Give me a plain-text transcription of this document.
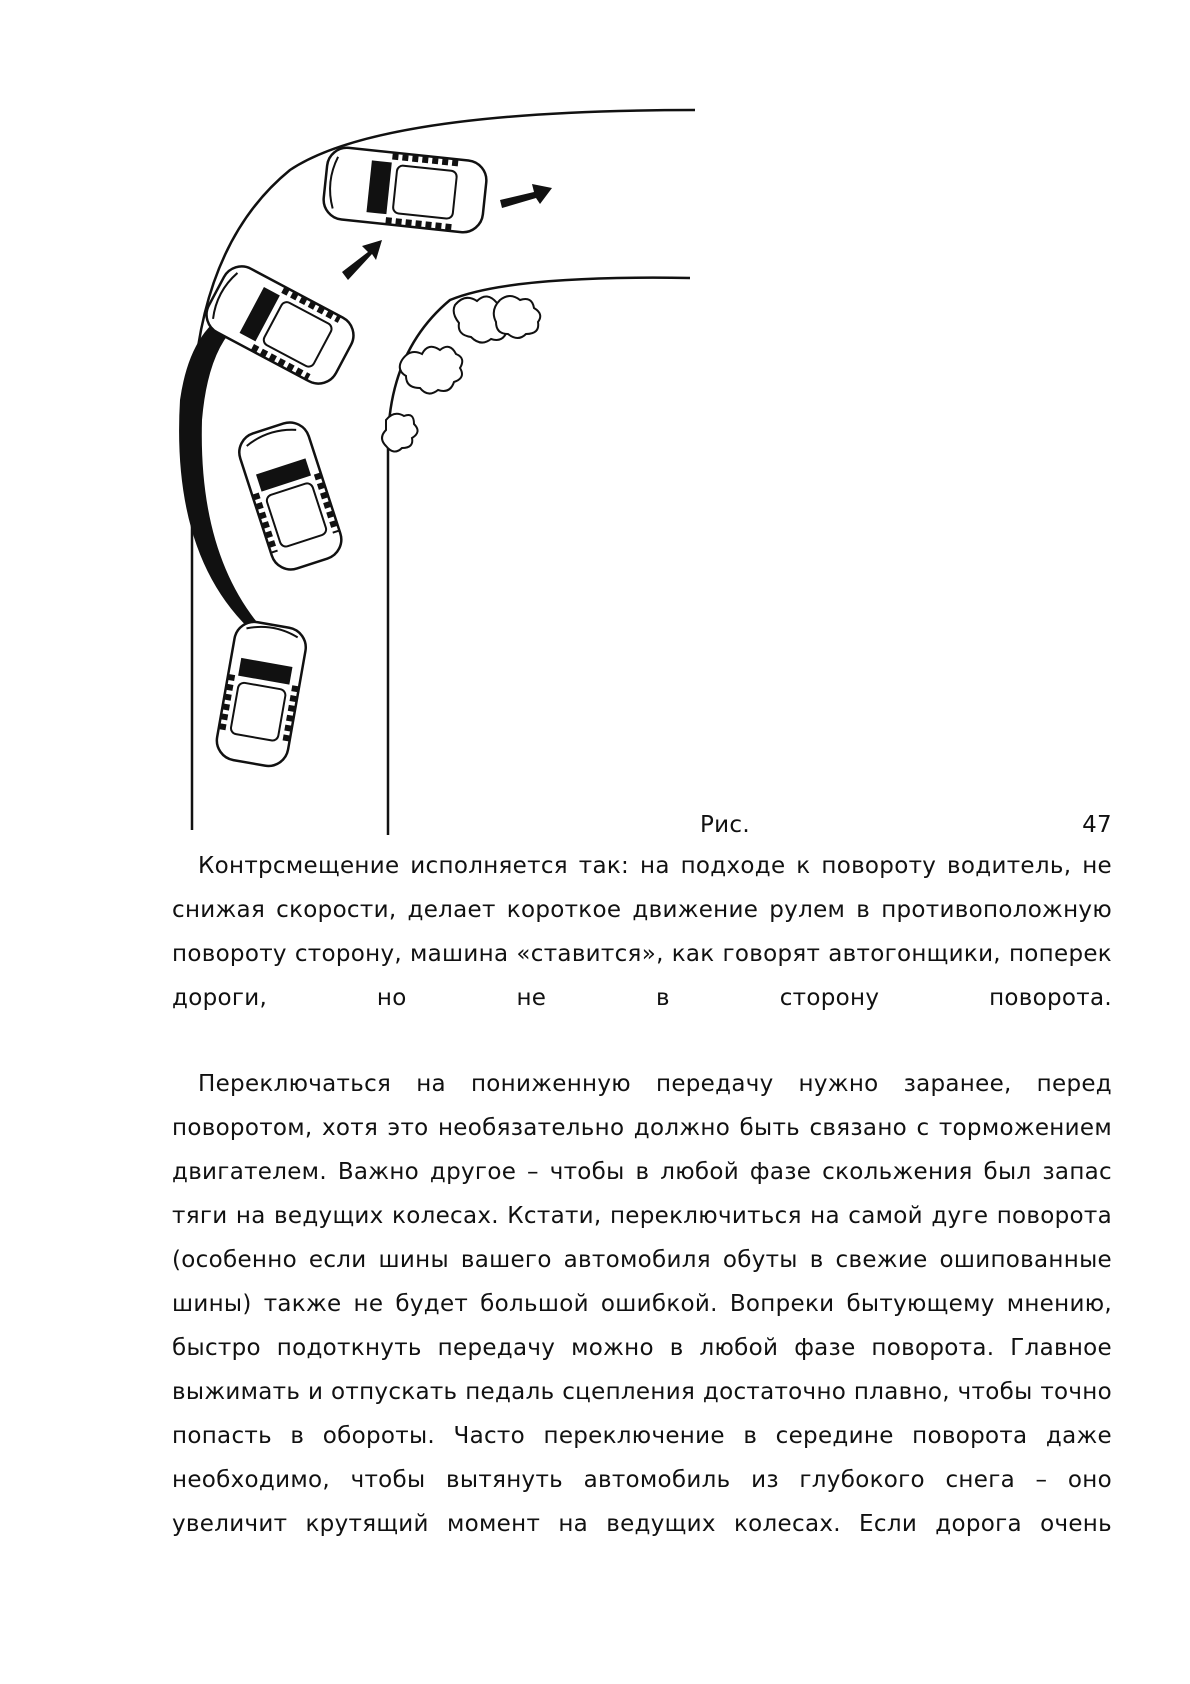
Рис.	47

Контрсмещение исполняется так: на подходе к повороту водитель, не снижая скорости, делает короткое движение рулем в противоположную повороту сторону, машина «ставится», как говорят автогонщики, поперек дороги, но не в сторону поворота.

Переключаться на пониженную передачу нужно заранее, перед поворотом, хотя это необязательно должно быть связано с торможением двигателем. Важно другое – чтобы в любой фазе скольжения был запас тяги на ведущих колесах. Кстати, переключиться на самой дуге поворота (особенно если шины вашего автомобиля обуты в свежие ошипованные шины) также не будет большой ошибкой. Вопреки бытующему мнению, быстро подоткнуть передачу можно в любой фазе поворота. Главное выжимать и отпускать педаль сцепления достаточно плавно, чтобы точно попасть в обороты. Часто переключение в середине поворота даже необходимо, чтобы вытянуть автомобиль из глубокого снега – оно увеличит крутящий момент на ведущих колесах. Если дорога очень
